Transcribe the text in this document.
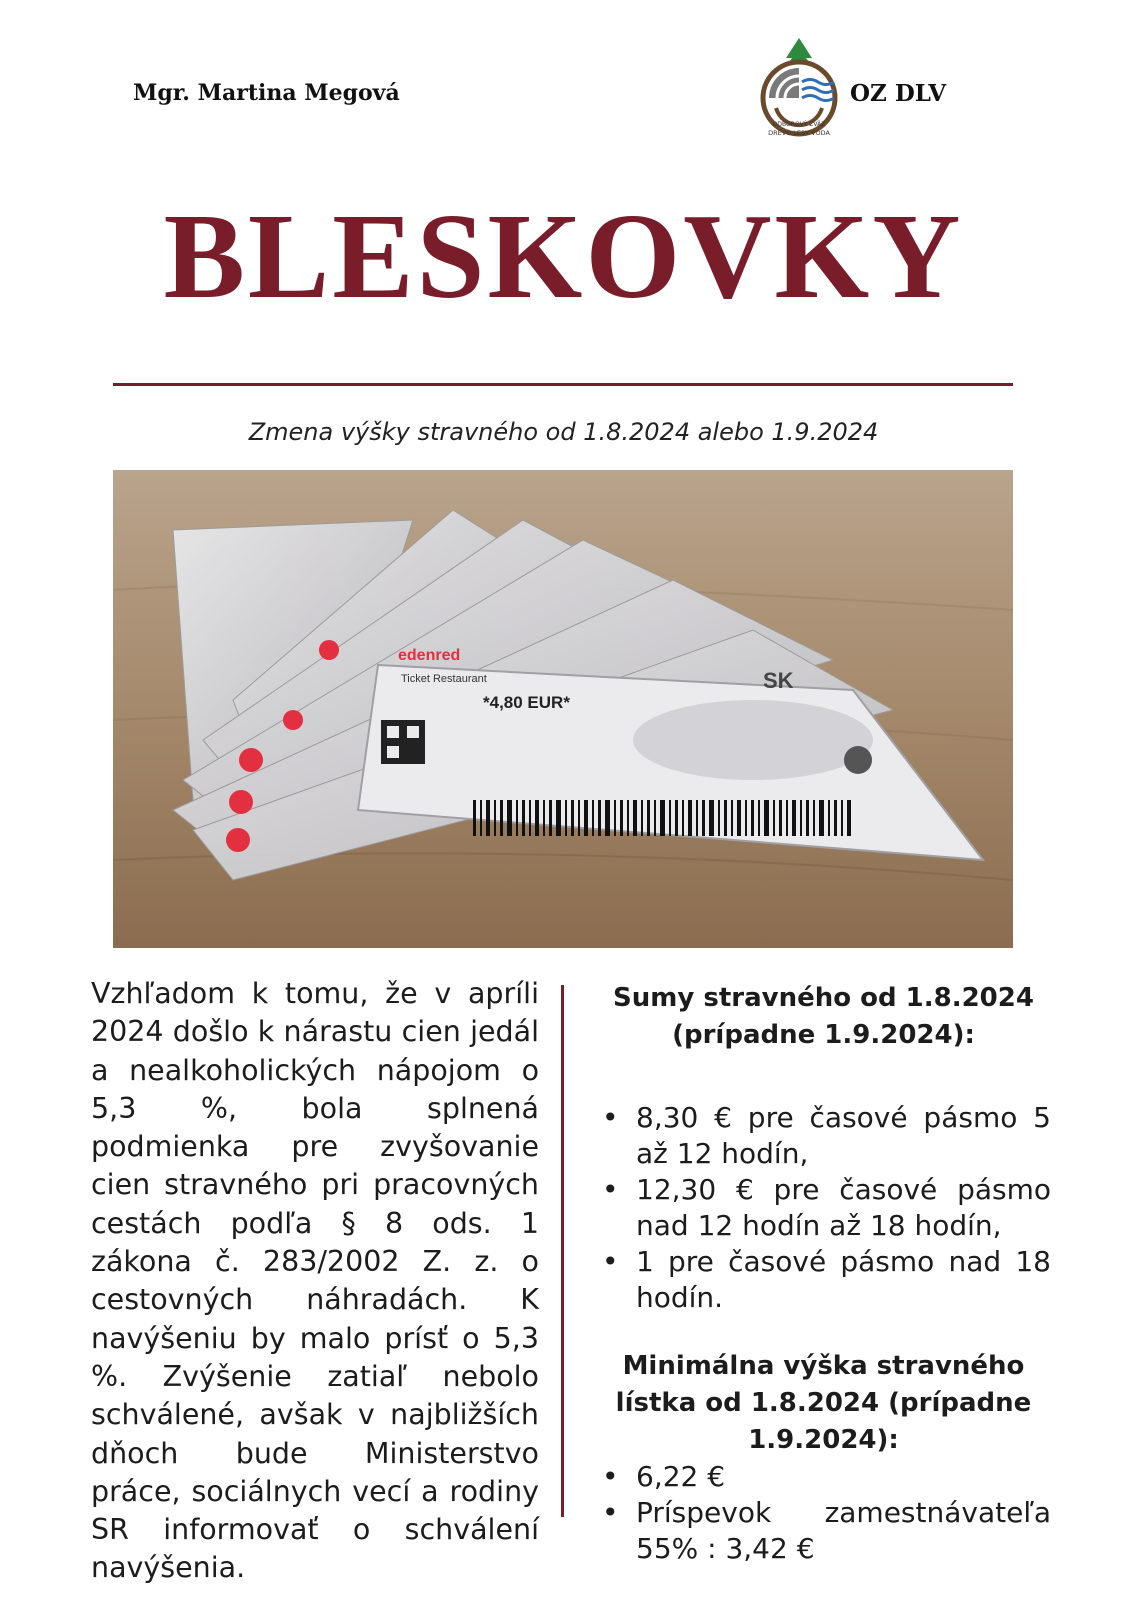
Mgr. Martina Megová
ODBOROVÝ ZVÄZ
DREVO LESY VODA
OZ DLV
BLESKOVKY
Zmena výšky stravného od 1.8.2024 alebo 1.9.2024
edenred
Ticket Restaurant
*4,80 EUR*
SK
Vzhľadom k tomu, že v apríli 2024 došlo k nárastu cien jedál a nealkoholických nápojom o 5,3 %, bola splnená podmienka pre zvyšovanie cien stravného pri pracovných cestách podľa § 8 ods. 1 zákona č. 283/2002 Z. z. o cestovných náhradách. K navýšeniu by malo prísť o 5,3 %. Zvýšenie zatiaľ nebolo schválené, avšak v najbližších dňoch bude Ministerstvo práce, sociálnych vecí a rodiny SR informovať o schválení navýšenia.
Sumy stravného od 1.8.2024
(prípadne 1.9.2024):
• 8,30 € pre časové pásmo 5 až 12 hodín,
• 12,30 € pre časové pásmo nad 12 hodín až 18 hodín,
• 1 pre časové pásmo nad 18 hodín.
Minimálna výška stravného
lístka od 1.8.2024 (prípadne
1.9.2024):
• 6,22 €
• Príspevok zamestnávateľa 55% : 3,42 €
